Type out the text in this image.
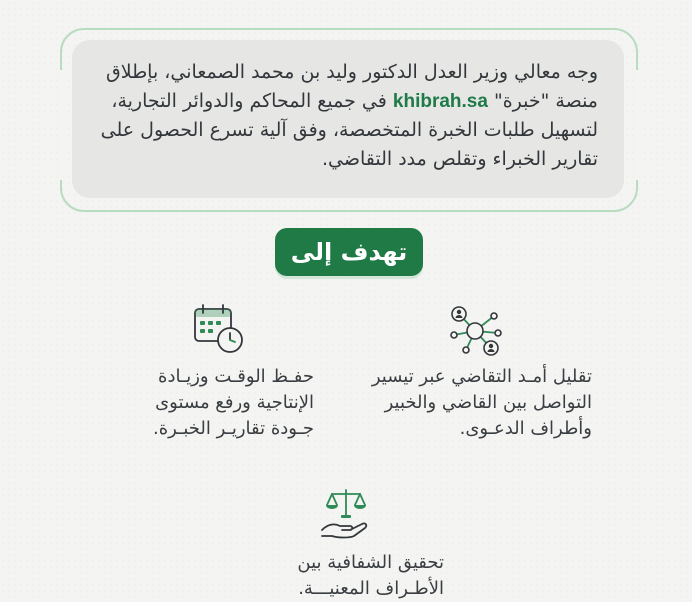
وجه معالي وزير العدل الدكتور وليد بن محمد الصمعاني، بإطلاق منصة "خبرة" khibrah.sa في جميع المحاكم والدوائر التجارية، لتسهيل طلبات الخبرة المتخصصة، وفق آلية تسرع الحصول على تقارير الخبراء وتقلص مدد التقاضي.

تهدف إلى

تقليل أمـد التقاضي عبر تيسير التواصل بين القاضي والخبير وأطراف الدعـوى.

حفـظ الوقـت وزيـادة الإنتاجية ورفع مستوى جـودة تقاريـر الخبـرة.

تحقيق الشفافية بين الأطـراف المعنيـــة.
